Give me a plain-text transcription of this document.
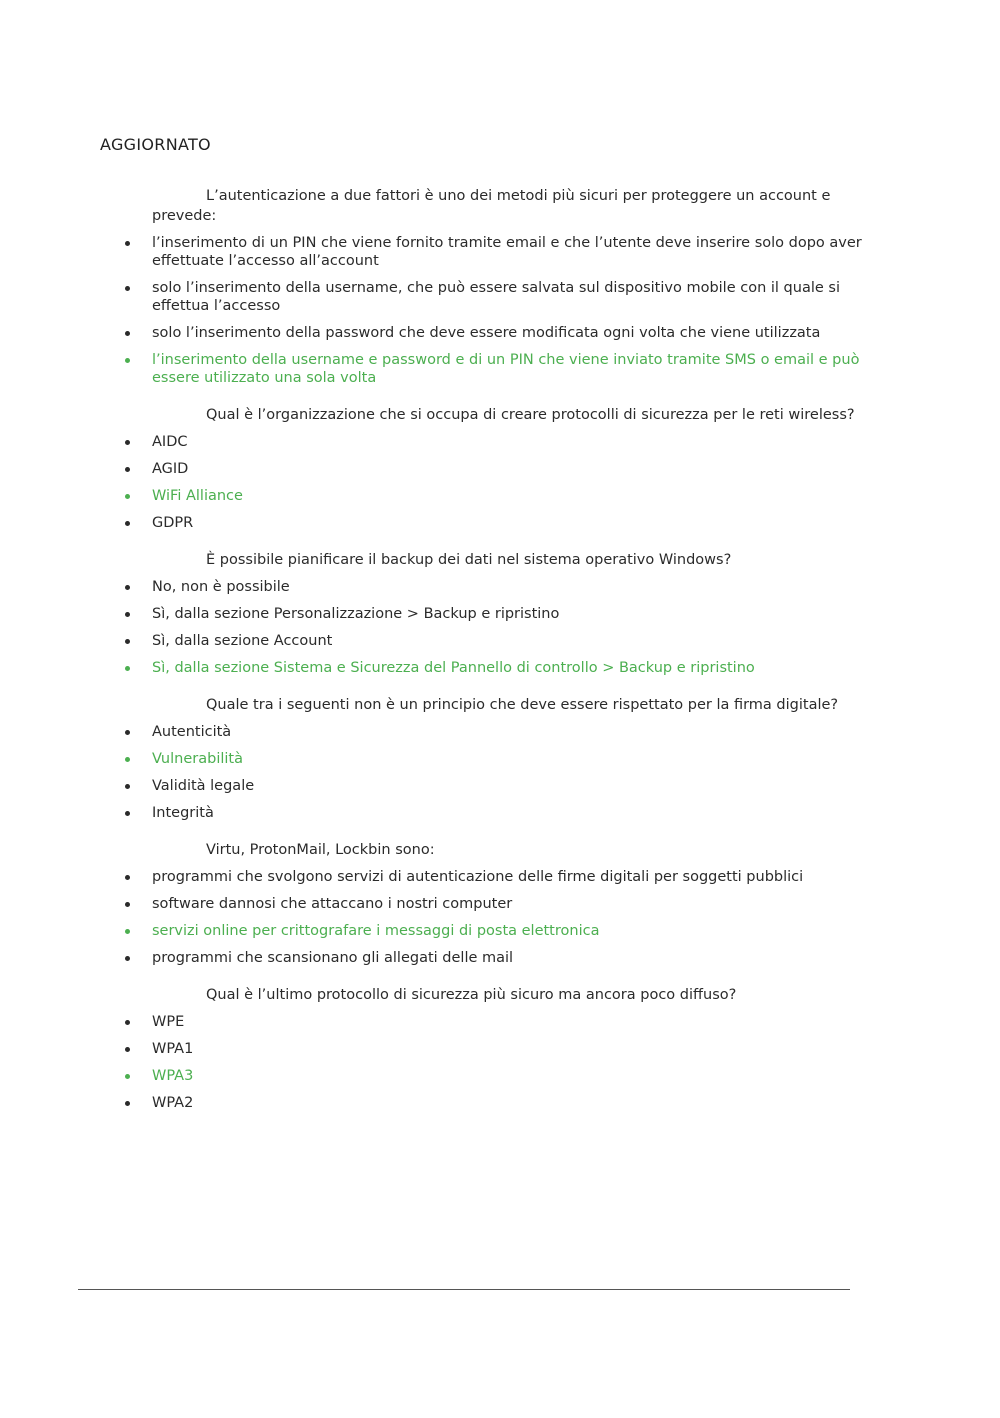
AGGIORNATO

L’autenticazione a due fattori è uno dei metodi più sicuri per proteggere un account e prevede:

l’inserimento di un PIN che viene fornito tramite email e che l’utente deve inserire solo dopo aver effettuate l’accesso all’account
solo l’inserimento della username, che può essere salvata sul dispositivo mobile con il quale si effettua l’accesso
solo l’inserimento della password che deve essere modificata ogni volta che viene utilizzata
l’inserimento della username e password e di un PIN che viene inviato tramite SMS o email e può essere utilizzato una sola volta

Qual è l’organizzazione che si occupa di creare protocolli di sicurezza per le reti wireless?

AIDC
AGID
WiFi Alliance
GDPR

È possibile pianificare il backup dei dati nel sistema operativo Windows?

No, non è possibile
Sì, dalla sezione Personalizzazione > Backup e ripristino
Sì, dalla sezione Account
Sì, dalla sezione Sistema e Sicurezza del Pannello di controllo > Backup e ripristino

Quale tra i seguenti non è un principio che deve essere rispettato per la firma digitale?

Autenticità
Vulnerabilità
Validità legale
Integrità

Virtu, ProtonMail, Lockbin sono:

programmi che svolgono servizi di autenticazione delle firme digitali per soggetti pubblici
software dannosi che attaccano i nostri computer
servizi online per crittografare i messaggi di posta elettronica
programmi che scansionano gli allegati delle mail

Qual è l’ultimo protocollo di sicurezza più sicuro ma ancora poco diffuso?

WPE
WPA1
WPA3
WPA2
